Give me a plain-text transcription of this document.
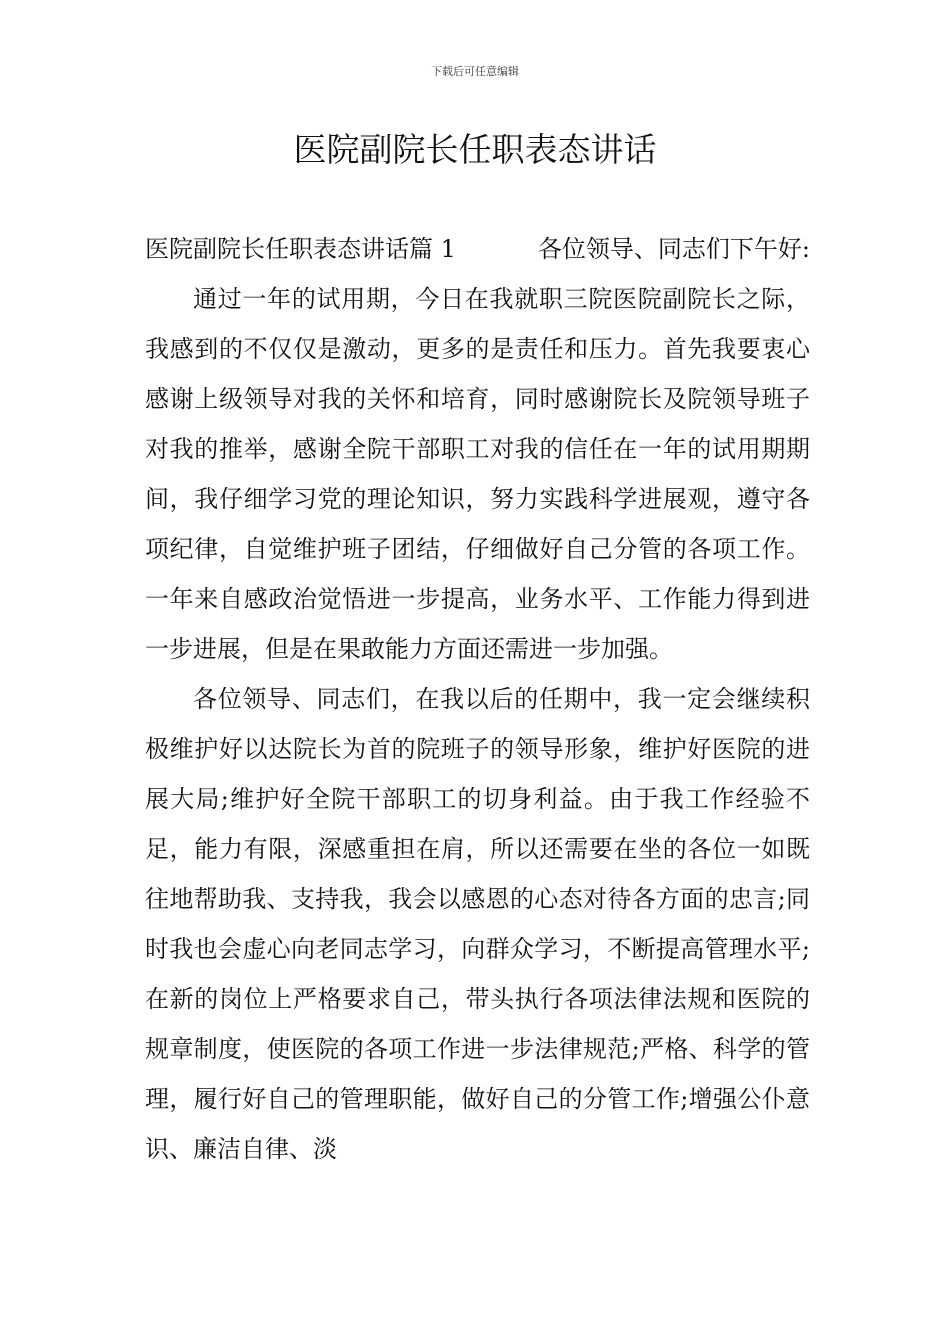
下载后可任意编辑
医院副院长任职表态讲话

医院副院长任职表态讲话篇 1	各位领导、同志们下午好:

通过一年的试用期，今日在我就职三院医院副院长之际，我感到的不仅仅是激动，更多的是责任和压力。首先我要衷心感谢上级领导对我的关怀和培育，同时感谢院长及院领导班子对我的推举，感谢全院干部职工对我的信任在一年的试用期期间，我仔细学习党的理论知识，努力实践科学进展观，遵守各项纪律，自觉维护班子团结，仔细做好自己分管的各项工作。一年来自感政治觉悟进一步提高，业务水平、工作能力得到进一步进展，但是在果敢能力方面还需进一步加强。

各位领导、同志们，在我以后的任期中，我一定会继续积极维护好以达院长为首的院班子的领导形象，维护好医院的进展大局;维护好全院干部职工的切身利益。由于我工作经验不足，能力有限，深感重担在肩，所以还需要在坐的各位一如既往地帮助我、支持我，我会以感恩的心态对待各方面的忠言;同时我也会虚心向老同志学习，向群众学习，不断提高管理水平;在新的岗位上严格要求自己，带头执行各项法律法规和医院的规章制度，使医院的各项工作进一步法律规范;严格、科学的管理，履行好自己的管理职能，做好自己的分管工作;增强公仆意识、廉洁自律、淡
